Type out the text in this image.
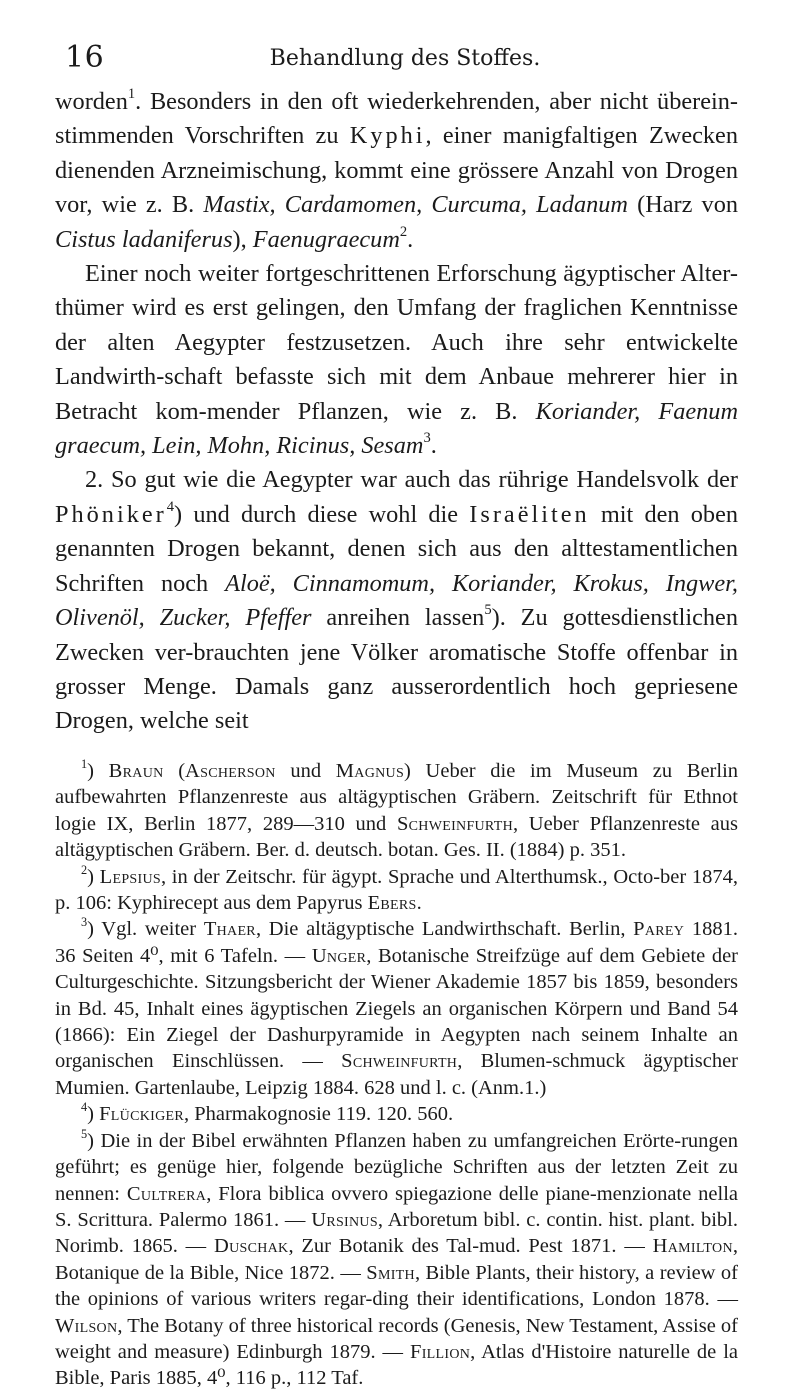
16	Behandlung des Stoffes.

worden$^1$. Besonders in den oft wiederkehrenden, aber nicht überein-stimmenden Vorschriften zu Kyphi, einer manigfaltigen Zwecken dienenden Arzneimischung, kommt eine grössere Anzahl von Drogen vor, wie z. B. Mastix, Cardamomen, Curcuma, Ladanum (Harz von Cistus ladaniferus), Faenugraecum$^2$.

Einer noch weiter fortgeschrittenen Erforschung ägyptischer Alter-thümer wird es erst gelingen, den Umfang der fraglichen Kenntnisse der alten Aegypter festzusetzen. Auch ihre sehr entwickelte Landwirth-schaft befasste sich mit dem Anbaue mehrerer hier in Betracht kom-mender Pflanzen, wie z. B. Koriander, Faenum graecum, Lein, Mohn, Ricinus, Sesam$^3$.

2. So gut wie die Aegypter war auch das rührige Handelsvolk der Phöniker$^4$) und durch diese wohl die Israëliten mit den oben genannten Drogen bekannt, denen sich aus den alttestamentlichen Schriften noch Aloë, Cinnamomum, Koriander, Krokus, Ingwer, Olivenöl, Zucker, Pfeffer anreihen lassen$^5$). Zu gottesdienstlichen Zwecken ver-brauchten jene Völker aromatische Stoffe offenbar in grosser Menge. Damals ganz ausserordentlich hoch gepriesene Drogen, welche seit

$^1$) Braun (Ascherson und Magnus) Ueber die im Museum zu Berlin aufbewahrten Pflanzenreste aus altägyptischen Gräbern. Zeitschrift für Ethnot logie IX, Berlin 1877, 289—310 und Schweinfurth, Ueber Pflanzenreste aus altägyptischen Gräbern. Ber. d. deutsch. botan. Ges. II. (1884) p. 351.

$^2$) Lepsius, in der Zeitschr. für ägypt. Sprache und Alterthumsk., Octo-ber 1874, p. 106: Kyphirecept aus dem Papyrus Ebers.

$^3$) Vgl. weiter Thaer, Die altägyptische Landwirthschaft. Berlin, Parey 1881. 36 Seiten 4⁰, mit 6 Tafeln. — Unger, Botanische Streifzüge auf dem Gebiete der Culturgeschichte. Sitzungsbericht der Wiener Akademie 1857 bis 1859, besonders in Bd. 45, Inhalt eines ägyptischen Ziegels an organischen Körpern und Band 54 (1866): Ein Ziegel der Dashurpyramide in Aegypten nach seinem Inhalte an organischen Einschlüssen. — Schweinfurth, Blumen-schmuck ägyptischer Mumien. Gartenlaube, Leipzig 1884. 628 und l. c. (Anm.1.)

$^4$) Flückiger, Pharmakognosie 119. 120. 560.

$^5$) Die in der Bibel erwähnten Pflanzen haben zu umfangreichen Erörte-rungen geführt; es genüge hier, folgende bezügliche Schriften aus der letzten Zeit zu nennen: Cultrera, Flora biblica ovvero spiegazione delle piane-menzionate nella S. Scrittura. Palermo 1861. — Ursinus, Arboretum bibl. c. contin. hist. plant. bibl. Norimb. 1865. — Duschak, Zur Botanik des Tal-mud. Pest 1871. — Hamilton, Botanique de la Bible, Nice 1872. — Smith, Bible Plants, their history, a review of the opinions of various writers regar-ding their identifications, London 1878. — Wilson, The Botany of three historical records (Genesis, New Testament, Assise of weight and measure) Edinburgh 1879. — Fillion, Atlas d'Histoire naturelle de la Bible, Paris 1885, 4⁰, 116 p., 112 Taf.
